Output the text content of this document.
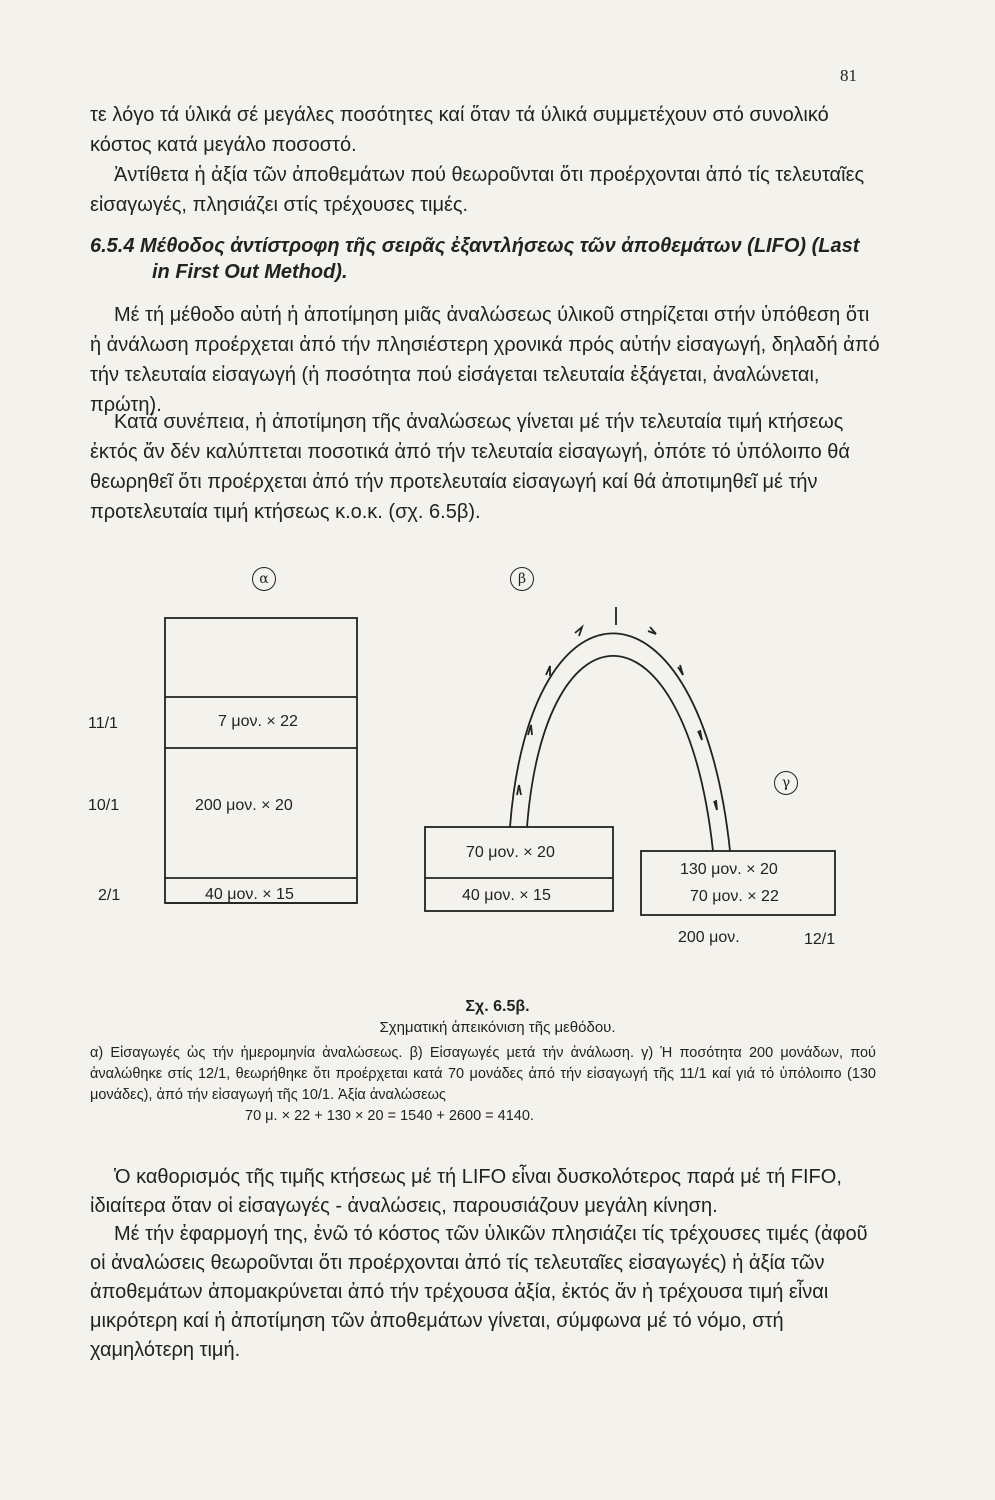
81

τε λόγο τά ύλικά σέ μεγάλες ποσότητες καί ὅταν τά ύλικά συμμετέχουν στό συνολικό κόστος κατά μεγάλο ποσοστό.

Ἀντίθετα ἡ ἀξία τῶν ἀποθεμάτων πού θεωροῦνται ὅτι προέρχονται ἀπό τίς τελευταῖες εἰσαγωγές, πλησιάζει στίς τρέχουσες τιμές.

6.5.4 Μέθοδος ἀντίστροφη τῆς σειρᾶς ἐξαντλήσεως τῶν ἀποθεμάτων (LIFO) (Last
in First Out Method).

Μέ τή μέθοδο αὐτή ἡ ἀποτίμηση μιᾶς ἀναλώσεως ύλικοῦ στηρίζεται στήν ὑπόθεση ὅτι ἡ ἀνάλωση προέρχεται ἀπό τήν πλησιέστερη χρονικά πρός αὐτήν εἰσαγωγή, δηλαδή ἀπό τήν τελευταία εἰσαγωγή (ἡ ποσότητα πού εἰσάγεται τελευταία ἐξάγεται, ἀναλώνεται, πρώτη).

Κατά συνέπεια, ἡ ἀποτίμηση τῆς ἀναλώσεως γίνεται μέ τήν τελευταία τιμή κτήσεως ἐκτός ἄν δέν καλύπτεται ποσοτικά ἀπό τήν τελευταία εἰσαγωγή, ὁπότε τό ὑπόλοιπο θά θεωρηθεῖ ὅτι προέρχεται ἀπό τήν προτελευταία εἰσαγωγή καί θά ἀποτιμηθεῖ μέ τήν προτελευταία τιμή κτήσεως κ.ο.κ. (σχ. 6.5β).

α	β
γ
11/1
10/1
2/1
7 μον. × 22
200 μον. × 20
40 μον. × 15
70 μον. × 20
40 μον. × 15
130 μον. × 20
70 μον. × 22
200 μον.	12/1
Σχ. 6.5β.
Σχηματική ἀπεικόνιση τῆς μεθόδου.

α) Εἰσαγωγές ὡς τήν ἡμερομηνία ἀναλώσεως. β) Εἰσαγωγές μετά τήν ἀνάλωση. γ) Ἡ ποσότητα 200 μονάδων, πού ἀναλώθηκε στίς 12/1, θεωρήθηκε ὅτι προέρχεται κατά 70 μονάδες ἀπό τήν εἰσαγωγή τῆς 11/1 καί γιά τό ὑπόλοιπο (130 μονάδες), ἀπό τήν εἰσαγωγή τῆς 10/1. Ἀξία ἀναλώσεως
70 μ. × 22 + 130 × 20 = 1540 + 2600 = 4140.

Ὁ καθορισμός τῆς τιμῆς κτήσεως μέ τή LIFO εἶναι δυσκολότερος παρά μέ τή FIFO, ἰδιαίτερα ὅταν οἱ εἰσαγωγές - ἀναλώσεις, παρουσιάζουν μεγάλη κίνηση.

Μέ τήν ἐφαρμογή της, ἐνῶ τό κόστος τῶν ὑλικῶν πλησιάζει τίς τρέχουσες τιμές (ἀφοῦ οἱ ἀναλώσεις θεωροῦνται ὅτι προέρχονται ἀπό τίς τελευταῖες εἰσαγωγές) ἡ ἀξία τῶν ἀποθεμάτων ἀπομακρύνεται ἀπό τήν τρέχουσα ἀξία, ἐκτός ἄν ἡ τρέχουσα τιμή εἶναι μικρότερη καί ἡ ἀποτίμηση τῶν ἀποθεμάτων γίνεται, σύμφωνα μέ τό νόμο, στή χαμηλότερη τιμή.
